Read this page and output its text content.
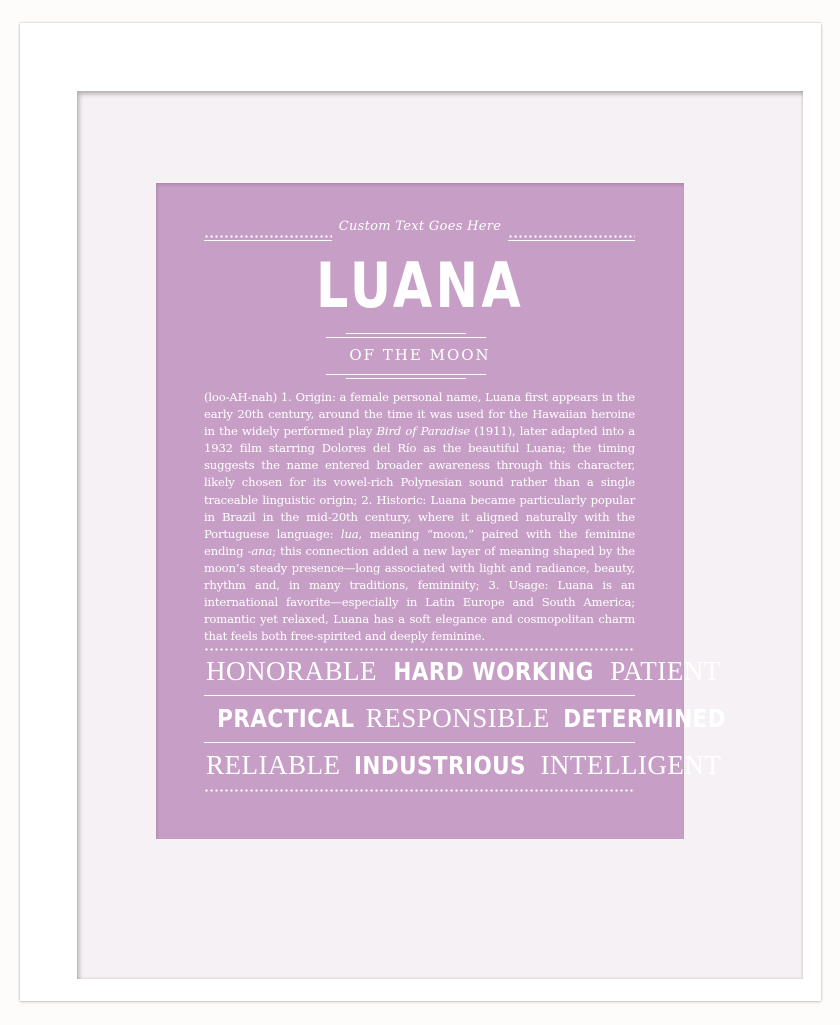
Custom Text Goes Here
LUANA
OF THE MOON
(loo-AH-nah) 1. Origin: a female personal name, Luana first appears in the early 20th century, around the time it was used for the Hawaiian heroine in the widely performed play Bird of Paradise (1911), later adapted into a 1932 film starring Dolores del Río as the beautiful Luana; the timing suggests the name entered broader awareness through this character, likely chosen for its vowel-rich Polynesian sound rather than a single traceable linguistic origin; 2. Historic: Luana became particularly popular in Brazil in the mid-20th century, where it aligned naturally with the Portuguese language: lua, meaning “moon,” paired with the feminine ending -ana; this connection added a new layer of meaning shaped by the moon’s steady presence—long associated with light and radiance, beauty, rhythm and, in many traditions, femininity; 3. Usage: Luana is an international favorite—especially in Latin Europe and South America; romantic yet relaxed, Luana has a soft elegance and cosmopolitan charm that feels both free-spirited and deeply feminine.
HONORABLE HARD WORKING PATIENT
PRACTICAL RESPONSIBLE DETERMINED
RELIABLE INDUSTRIOUS INTELLIGENT
